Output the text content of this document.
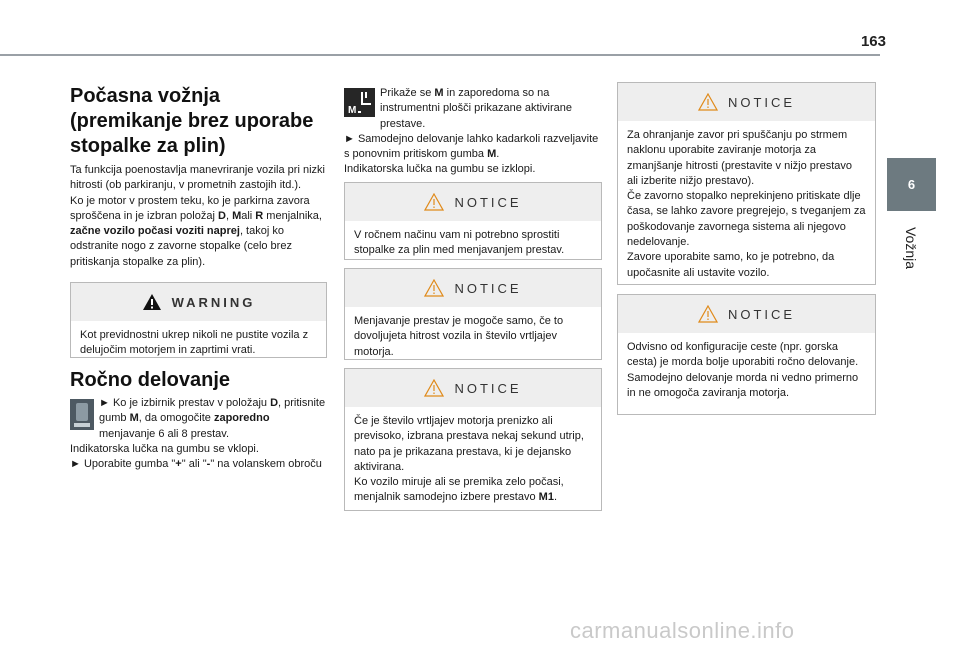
163
6
Vožnja
Počasna vožnja (premikanje brez uporabe stopalke za plin)

Ta funkcija poenostavlja manevriranje vozila pri nizki hitrosti (ob parkiranju, v prometnih zastojih itd.).

Ko je motor v prostem teku, ko je parkirna zavora sproščena in je izbran položaj D, Mali R menjalnika, začne vozilo počasi voziti naprej, takoj ko odstranite nogo z zavorne stopalke (celo brez pritiskanja stopalke za plin).

WARNING
Kot previdnostni ukrep nikoli ne pustite vozila z delujočim motorjem in zaprtimi vrati.
Ročno delovanje

► Ko je izbirnik prestav v položaju D, pritisnite gumb M, da omogočite zaporedno menjavanje 6 ali 8 prestav.

Indikatorska lučka na gumbu se vklopi.

► Uporabite gumba "+" ali "-" na volanskem obroču

M

Prikaže se M in zaporedoma so na instrumentni plošči prikazane aktivirane prestave.

► Samodejno delovanje lahko kadarkoli razveljavite s ponovnim pritiskom gumba M.

Indikatorska lučka na gumbu se izklopi.

NOTICE
V ročnem načinu vam ni potrebno sprostiti stopalke za plin med menjavanjem prestav.
NOTICE
Menjavanje prestav je mogoče samo, če to dovoljujeta hitrost vozila in število vrtljajev motorja.
NOTICE

Če je število vrtljajev motorja prenizko ali previsoko, izbrana prestava nekaj sekund utrip, nato pa je prikazana prestava, ki je dejansko aktivirana.

Ko vozilo miruje ali se premika zelo počasi, menjalnik samodejno izbere prestavo M1.

NOTICE

Za ohranjanje zavor pri spuščanju po strmem naklonu uporabite zaviranje motorja za zmanjšanje hitrosti (prestavite v nižjo prestavo ali izberite nižjo prestavo).

Če zavorno stopalko neprekinjeno pritiskate dlje časa, se lahko zavore pregrejejo, s tveganjem za poškodovanje zavornega sistema ali njegovo nedelovanje.

Zavore uporabite samo, ko je potrebno, da upočasnite ali ustavite vozilo.

NOTICE

Odvisno od konfiguracije ceste (npr. gorska cesta) je morda bolje uporabiti ročno delovanje.

Samodejno delovanje morda ni vedno primerno in ne omogoča zaviranja motorja.

carmanualsonline.info
